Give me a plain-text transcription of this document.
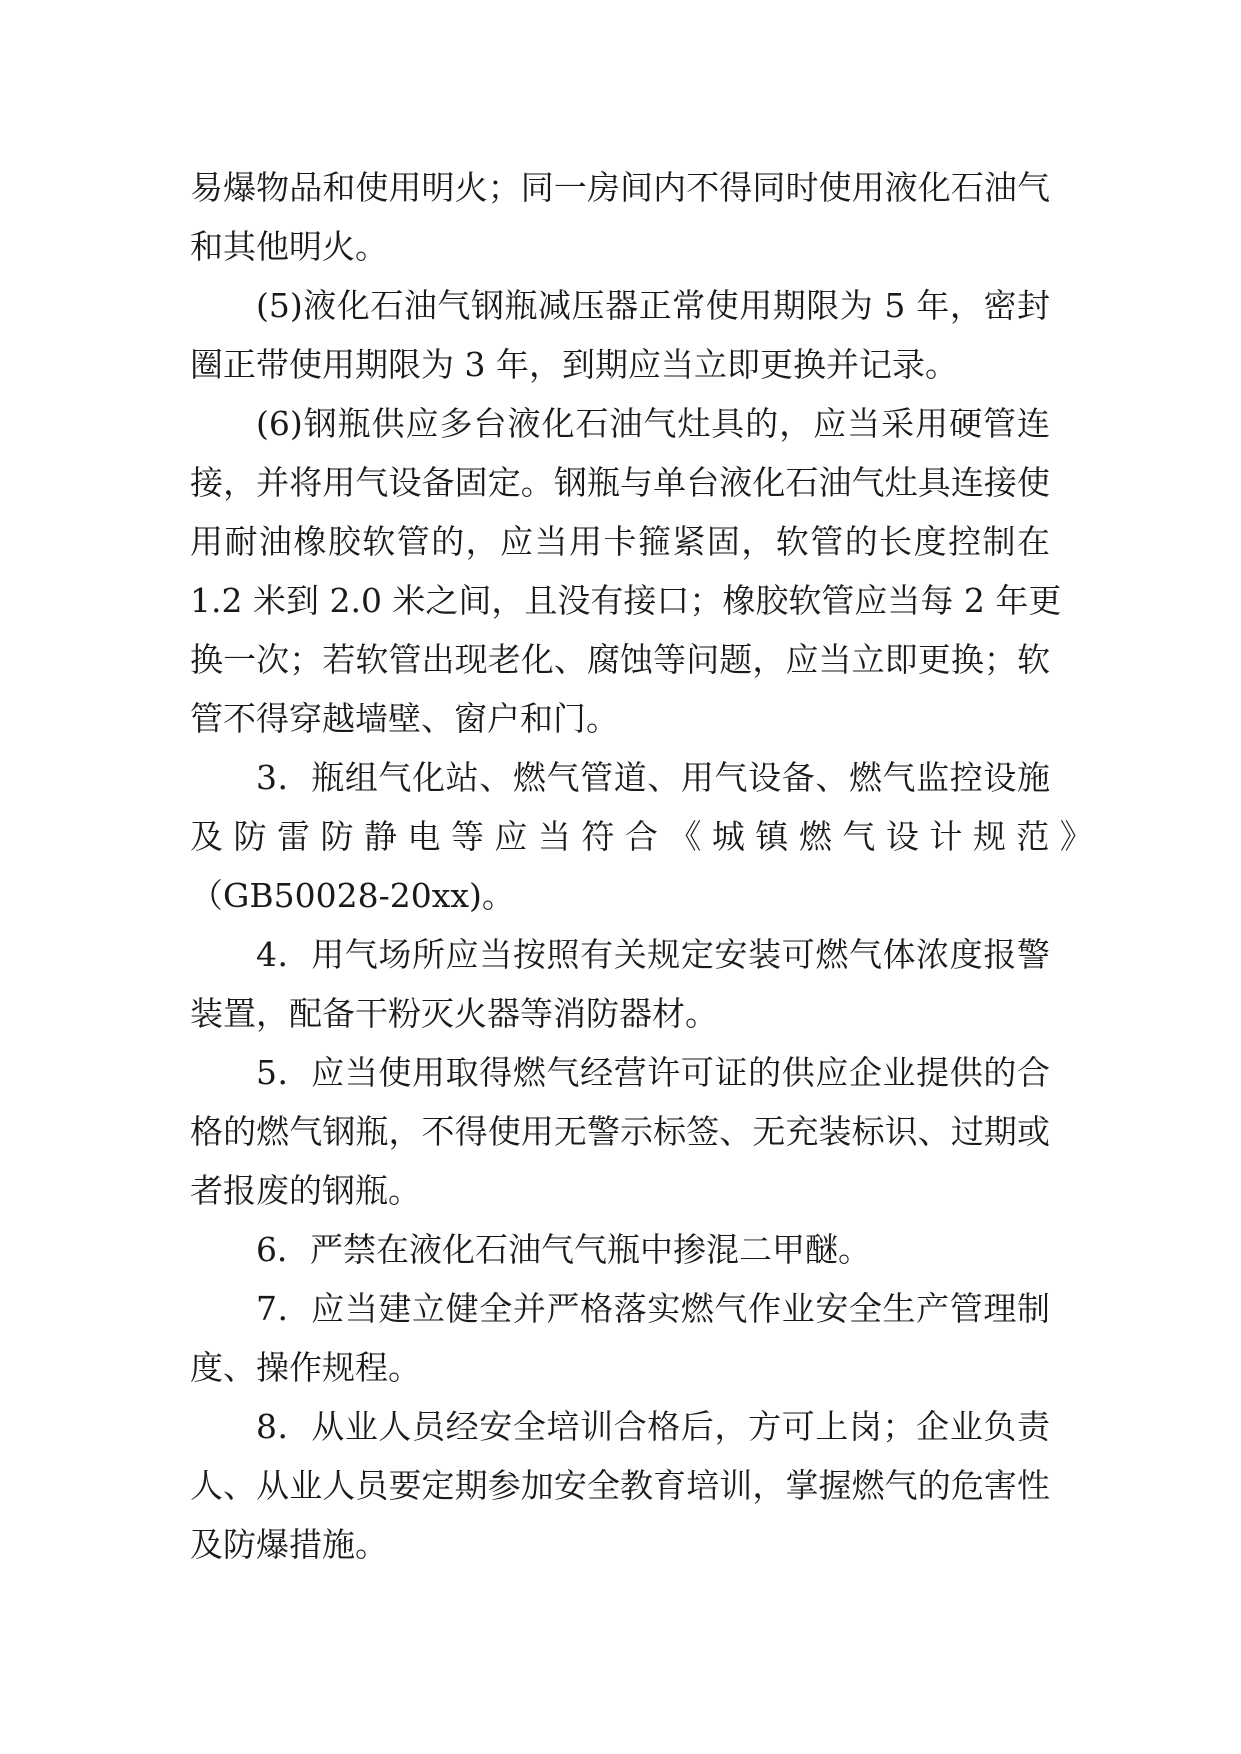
易爆物品和使用明火；同一房间内不得同时使用液化石油气
和其他明火。
(5)液化石油气钢瓶减压器正常使用期限为 5 年，密封
圈正带使用期限为 3 年，到期应当立即更换并记录。
(6)钢瓶供应多台液化石油气灶具的，应当采用硬管连
接，并将用气设备固定。钢瓶与单台液化石油气灶具连接使
用耐油橡胶软管的，应当用卡箍紧固，软管的长度控制在
1.2 米到 2.0 米之间，且没有接口；橡胶软管应当每 2 年更
换一次；若软管出现老化、腐蚀等问题，应当立即更换；软
管不得穿越墙壁、窗户和门。
3．瓶组气化站、燃气管道、用气设备、燃气监控设施
及 防 雷 防 静 电 等 应 当 符 合 《 城 镇 燃 气 设 计 规 范 》
（GB50028-20xx)。
4．用气场所应当按照有关规定安装可燃气体浓度报警
装置，配备干粉灭火器等消防器材。
5．应当使用取得燃气经营许可证的供应企业提供的合
格的燃气钢瓶，不得使用无警示标签、无充装标识、过期或
者报废的钢瓶。
6．严禁在液化石油气气瓶中掺混二甲醚。
7．应当建立健全并严格落实燃气作业安全生产管理制
度、操作规程。
8．从业人员经安全培训合格后，方可上岗；企业负责
人、从业人员要定期参加安全教育培训，掌握燃气的危害性
及防爆措施。
